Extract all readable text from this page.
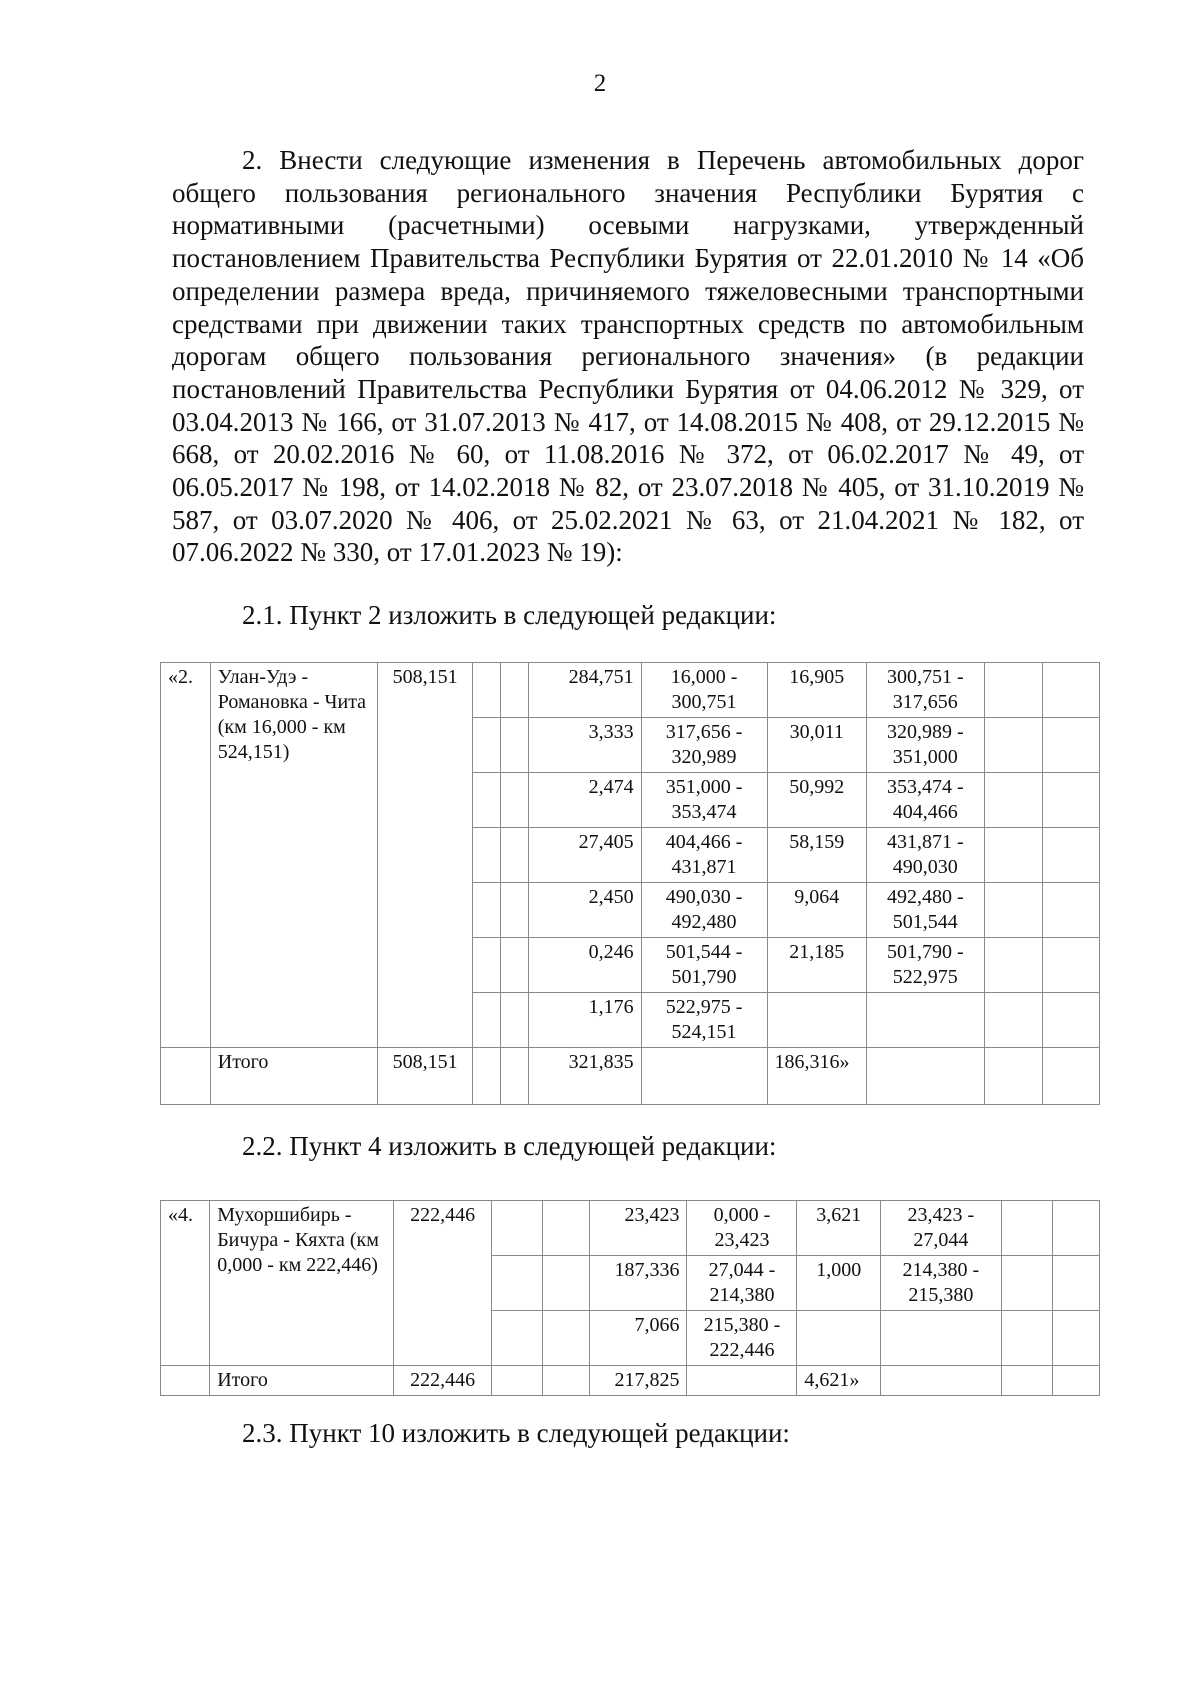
2

2. Внести следующие изменения в Перечень автомобильных дорог общего пользования регионального значения Республики Бурятия с нормативными (расчетными) осевыми нагрузками, утвержденный постановлением Правительства Республики Бурятия от 22.01.2010 № 14 «Об определении размера вреда, причиняемого тяжеловесными транспортными средствами при движении таких транспортных средств по автомобильным дорогам общего пользования регионального значения» (в редакции постановлений Правительства Республики Бурятия от 04.06.2012 № 329, от 03.04.2013 № 166, от 31.07.2013 № 417, от 14.08.2015 № 408, от 29.12.2015 № 668, от 20.02.2016 № 60, от 11.08.2016 № 372, от 06.02.2017 № 49, от 06.05.2017 № 198, от 14.02.2018 № 82, от 23.07.2018 № 405, от 31.10.2019 № 587, от 03.07.2020 № 406, от 25.02.2021 № 63, от 21.04.2021 № 182, от 07.06.2022 № 330, от 17.01.2023 № 19):

2.1. Пункт 2 изложить в следующей редакции:

«2.	Улан-Удэ - Романовка - Чита (км 16,000 - км 524,151)	508,151			284,751	16,000 - 300,751	16,905	300,751 - 317,656		
					3,333	317,656 - 320,989	30,011	320,989 - 351,000		
					2,474	351,000 - 353,474	50,992	353,474 - 404,466		
					27,405	404,466 - 431,871	58,159	431,871 - 490,030		
					2,450	490,030 - 492,480	9,064	492,480 - 501,544		
					0,246	501,544 - 501,790	21,185	501,790 - 522,975		
					1,176	522,975 - 524,151				
	Итого	508,151			321,835		186,316»			

2.2. Пункт 4 изложить в следующей редакции:

«4.	Мухоршибирь - Бичура - Кяхта (км 0,000 - км 222,446)	222,446			23,423	0,000 - 23,423	3,621	23,423 - 27,044		
					187,336	27,044 - 214,380	1,000	214,380 - 215,380		
					7,066	215,380 - 222,446				
	Итого	222,446			217,825		4,621»			

2.3. Пункт 10 изложить в следующей редакции:
